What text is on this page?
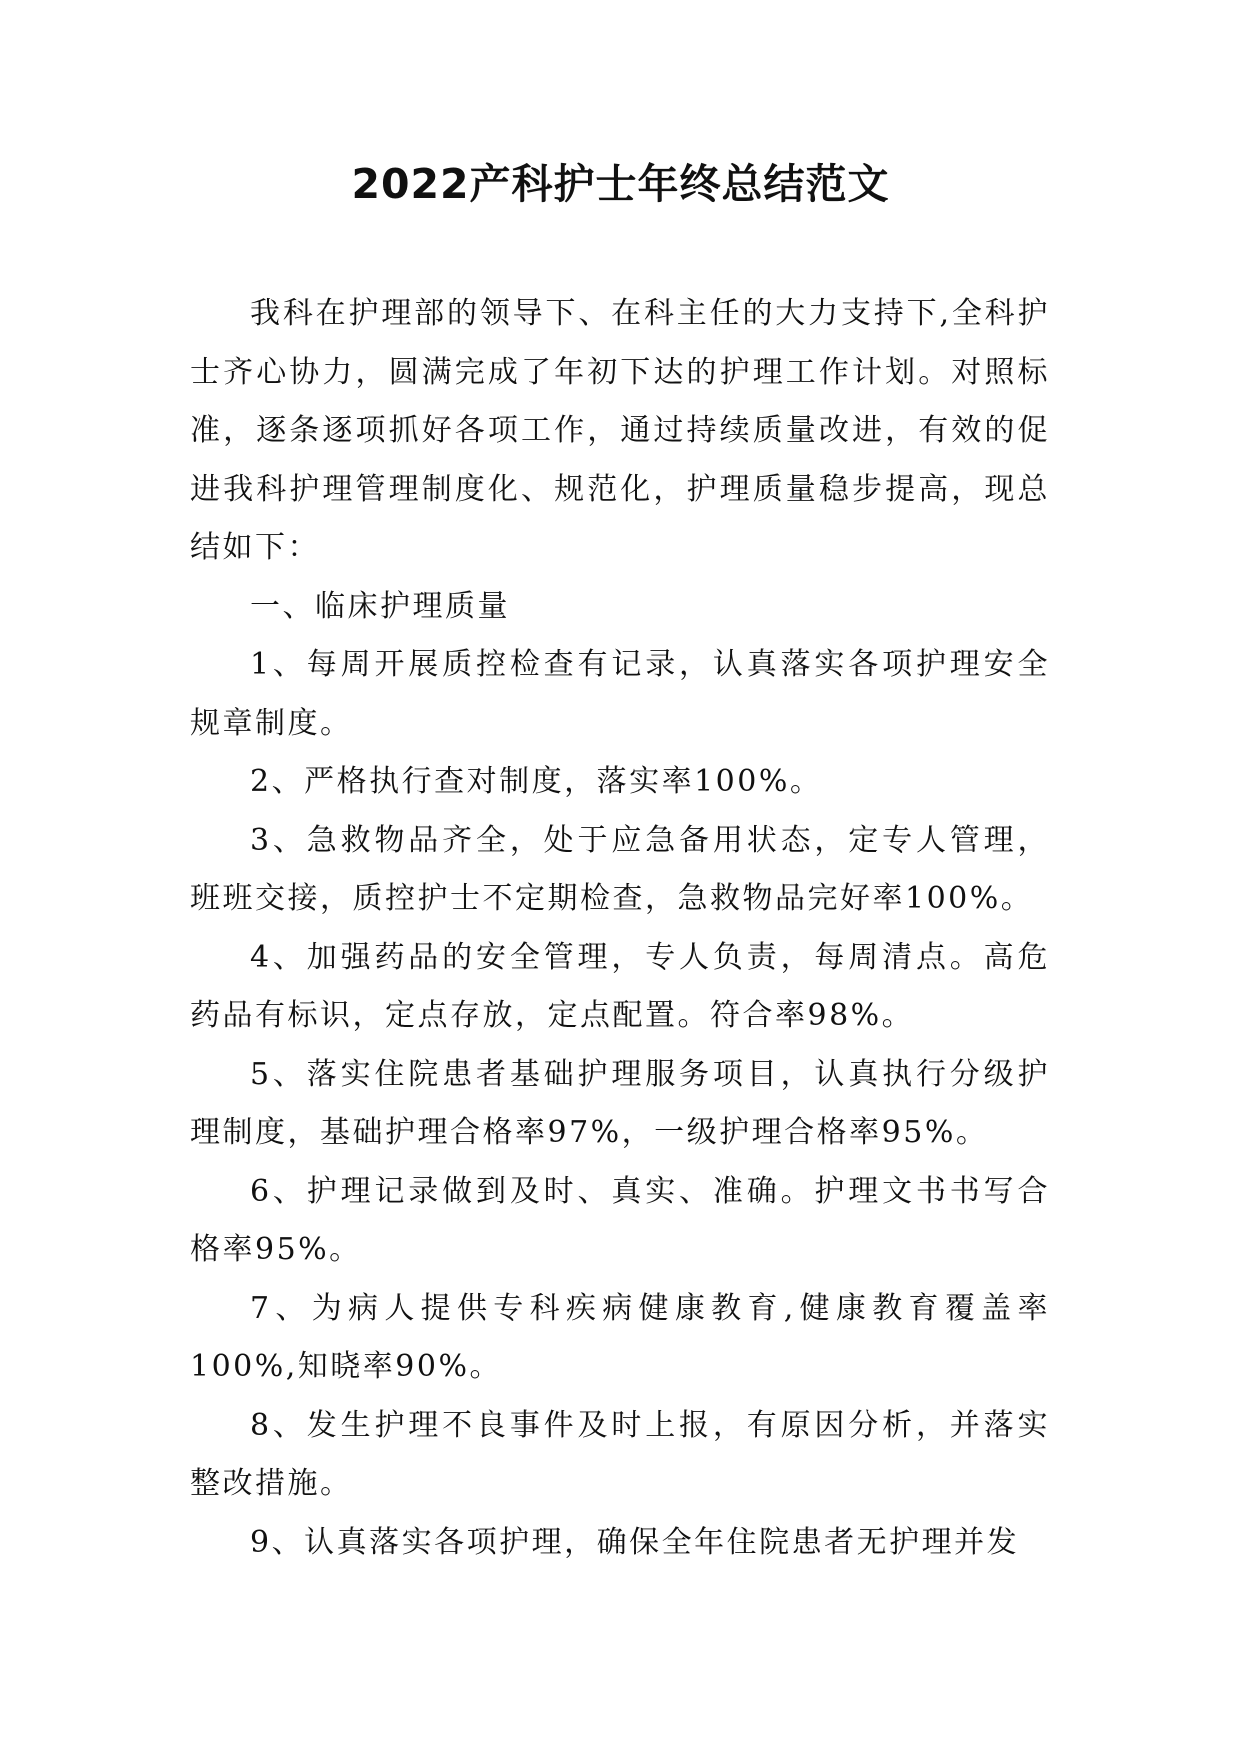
2022产科护士年终总结范文

我科在护理部的领导下、在科主任的大力支持下,全科护士齐心协力，圆满完成了年初下达的护理工作计划。对照标准，逐条逐项抓好各项工作，通过持续质量改进，有效的促进我科护理管理制度化、规范化，护理质量稳步提高，现总结如下：

一、临床护理质量

1、每周开展质控检查有记录，认真落实各项护理安全规章制度。

2、严格执行查对制度，落实率100%。

3、急救物品齐全，处于应急备用状态，定专人管理，班班交接，质控护士不定期检查，急救物品完好率100%。

4、加强药品的安全管理，专人负责，每周清点。高危药品有标识，定点存放，定点配置。符合率98%。

5、落实住院患者基础护理服务项目，认真执行分级护理制度，基础护理合格率97%，一级护理合格率95%。

6、护理记录做到及时、真实、准确。护理文书书写合格率95%。

7、为病人提供专科疾病健康教育,健康教育覆盖率100%,知晓率90%。

8、发生护理不良事件及时上报，有原因分析，并落实整改措施。

9、认真落实各项护理，确保全年住院患者无护理并发
